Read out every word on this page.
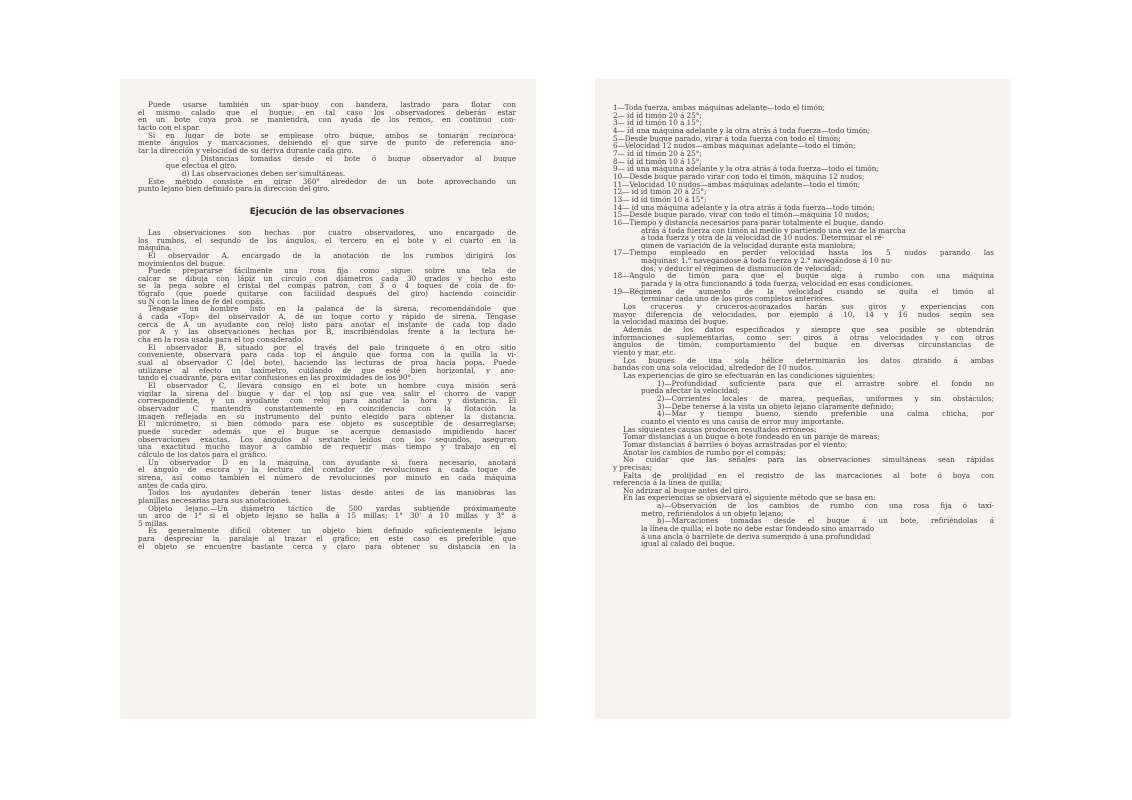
Puede usarse también un spar-buoy con bandera, lastrado para flotar con
el mismo calado que el buque; en tal caso los observadores deberán estar
en un bote cuya proa se mantendrá, con ayuda de los remos, en continuo con-
tacto con el spar.
Si en lugar de bote se emplease otro buque, ambos se tomarán recíproca-
mente ángulos y marcaciones, debiendo el que sirve de punto de referencia ano-
tar la dirección y velocidad de su deriva durante cada giro.
c) Distancias tomadas desde el bote ó buque observador al buque
que efectúa el giro.
d) Las observaciones deben ser simultáneas.
Este método consiste en girar 360° alrededor de un bote aprovechando un
punto lejano bien definido para la dirección del giro.
Ejecución de las observaciones
Las observaciones son hechas por cuatro observadores, uno encargado de
los rumbos, el segundo de los ángulos, el tercero en el bote y el cuarto en la
máquina.
El observador A, encargado de la anotación de los rumbos dirigirá los
movimientos del buque.
Puede prepararse fácilmente una rosa fija como sigue: sobre una tela de
calcar se dibuja con lápiz un círculo con diámetros cada 30 grados y hecho esto
se la pega sobre el cristal del compás patrón, con 3 ó 4 toques de cola de fo-
tógrafo (que puede quitarse con facilidad después del giro) haciendo coincidir
su N con la línea de fe del compás.
Téngase un hombre listo en la palanca de la sirena, recomendándole que
á cada «Top» del observador A, dé un toque corto y rápido de sirena. Téngase
cerca de A un ayudante con reloj listo para anotar el instante de cada top dado
por A y las observaciones hechas por B, inscribiéndolas frente á la lectura he-
cha en la rosa usada para el top considerado.
El observador B, situado por el través del palo trinquete ó en otro sitio
conveniente, observará para cada top el ángulo que forma con la quilla la vi-
sual al observador C (del bote), haciendo las lecturas de proa hacia popa. Puede
utilizarse al efecto un taxímetro, cuidando de que esté bien horizontal, y ano-
tando el cuadrante, para evitar confusiones en las proximidades de los 90°.
El observador C, llevará consigo en el bote un hombre cuya misión será
vigilar la sirena del buque y dar el top así que vea salir el chorro de vapor
correspondiente, y un ayudante con reloj para anotar la hora y distancia. El
observador C mantendrá constantemente en coincidencia con la flotación la
imagen reflejada en su instrumento del punto elegido para obtener la distancia.
El micrómetro, si bien cómodo para ese objeto es susceptible de desarreglarse;
puede suceder además que el buque se acerque demasiado impidiendo hacer
observaciones exactas. Los ángulos al sextante leídos con los segundos, aseguran
una exactitud mucho mayor á cambio de requerir más tiempo y trabajo en el
cálculo de los datos para el gráfico.
Un observador D en la máquina, con ayudante si fuera necesario, anotará
el ángulo de escora y la lectura del contador de revoluciones á cada toque de
sirena, así como también el número de revoluciones por minuto en cada máquina
antes de cada giro.
Todos los ayudantes deberán tener listas desde antes de las maniobras las
planillas necesarias para sus anotaciones.
Objeto lejano.—Un diámetro táctico de 500 yardas subtiende próximamente
un arco de 1° si el objeto lejano se halla á 15 millas; 1° 30' á 10 millas y 3° á
5 millas.
Es generalmente difícil obtener un objeto bien definido suficientemente lejano
para despreciar la paralaje al trazar el gráfico; en este caso es preferible que
el objeto se encuentre bastante cerca y claro para obtener su distancia en la
1—Toda fuerza, ambas máquinas adelante—todo el timón;
2— íd íd timón 20 á 25°;
3— íd íd timón 10 á 15°;
4— íd una máquina adelante y la otra atrás á toda fuerza—todo timón;
5—Desde buque parado, virar á toda fuerza con todo el timón;
6—Velocidad 12 nudos—ambas máquinas adelante—todo el timón;
7— íd íd timón 20 á 25°;
8— íd íd timón 10 á 15°;
9— íd una máquina adelante y la otra atrás á toda fuerza—todo el timón;
10—Desde buque parado virar con todo el timón, máquina 12 nudos;
11—Velocidad 10 nudos—ambas máquinas adelante—todo el timón;
12— íd íd timón 20 á 25°;
13— íd íd timón 10 á 15°;
14— íd una máquina adelante y la otra atrás á toda fuerza—todo timón;
15—Desde buque parado, virar con todo el timón—máquina 10 nudos;
16—Tiempo y distancia necesarios para parar totalmente el buque, dando
atrás á toda fuerza con timón al medio y partiendo una vez de la marcha
á toda fuerza y otra de la velocidad de 10 nudos. Determinar el ré-
gimen de variación de la velocidad durante esta maniobra;
17—Tiempo empleado en perder velocidad hasta los 5 nudos parando las
máquinas: 1.° navegándose á toda fuerza y 2.° navegándose á 10 nu-
dos; y deducir el régimen de disminución de velocidad;
18—Ángulo de timón para que el buque siga á rumbo con una máquina
parada y la otra funcionando á toda fuerza; velocidad en esas condiciones.
19—Régimen de aumento de la velocidad cuando se quita el timón al
terminar cada uno de los giros completos anteriores.
Los cruceros y cruceros-acorazados harán sus giros y experiencias con
mayor diferencia de velocidades, por ejemplo á 10, 14 y 16 nudos según sea
la velocidad máxima del buque.
Además de los datos especificados y siempre que sea posible se obtendrán
informaciones suplementarias, como ser: giros á otras velocidades y con otros
ángulos de timón, comportamiento del buque en diversas circunstancias de
viento y mar, etc.
Los buques de una sola hélice determinarán los datos girando á ambas
bandas con una sola velocidad, alrededor de 10 nudos.
Las experiencias de giro se efectuarán en las condiciones siguientes:
1)—Profundidad suficiente para que el arrastre sobre el fondo no
pueda afectar la velocidad;
2)—Corrientes locales de marea, pequeñas, uniformes y sin obstáculos;
3)—Debe tenerse á la vista un objeto lejano claramente definido;
4)—Mar y tiempo bueno, siendo preferible una calma chicha, por
cuanto el viento es una causa de error muy importante.
Las siguientes causas producen resultados erróneos:
Tomar distancias á un buque ó bote fondeado en un paraje de mareas;
Tomar distancias á barriles ó boyas arrastradas por el viento;
Anotar los cambios de rumbo por el compás;
No cuidar que las señales para las observaciones simultáneas sean rápidas
y precisas;
Falta de prolijidad en el registro de las marcaciones al bote ó boya con
referencia á la línea de quilla;
No adrizar al buque antes del giro.
En las experiencias se observará el siguiente método que se basa en:
a)—Observación de los cambios de rumbo con una rosa fija ó taxí-
metro, refiriéndolos á un objeto lejano;
b)—Marcaciones tomadas desde el buque á un bote, refiriéndolas á
la línea de quilla; el bote no debe estar fondeado sino amarrado
á una ancla ó barrilete de deriva sumergido á una profundidad
igual al calado del buque.
